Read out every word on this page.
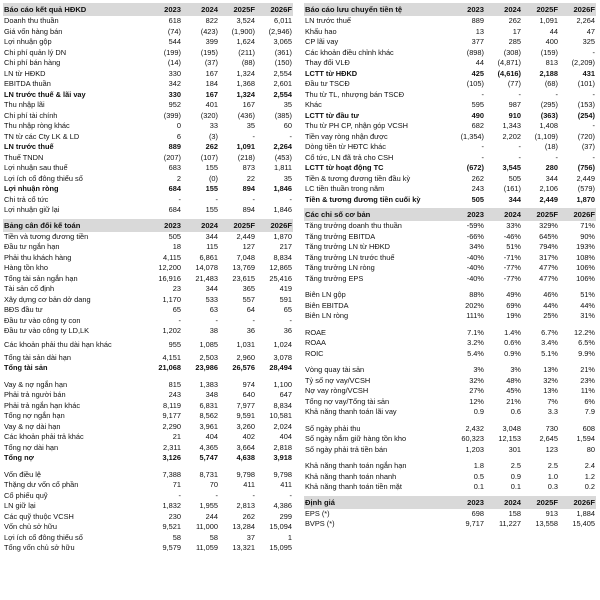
Báo cáo kết quả HĐKD	2023	2024	2025F	2026F
Doanh thu thuần	618	822	3,524	6,011
Giá vốn hàng bán	(74)	(423)	(1,900)	(2,946)
Lợi nhuận gộp	544	399	1,624	3,065
Chi phí quản lý DN	(199)	(195)	(211)	(361)
Chi phí bán hàng	(14)	(37)	(88)	(150)
LN từ HĐKD	330	167	1,324	2,554
EBITDA thuần	342	184	1,368	2,601
LN trước thuế & lãi vay	330	167	1,324	2,554
Thu nhập lãi	952	401	167	35
Chi phí tài chính	(399)	(320)	(436)	(385)
Thu nhập ròng khác	0	33	35	60
TN từ các Cty LK & LD	6	(3)	-	-
LN trước thuế	889	262	1,091	2,264
Thuế TNDN	(207)	(107)	(218)	(453)
Lợi nhuận sau thuế	683	155	873	1,811
Lợi ích cổ đông thiểu số	2	(0)	22	35
Lợi nhuận ròng	684	155	894	1,846
Chi trả cổ tức	-	-	-	-
Lợi nhuận giữ lại	684	155	894	1,846
Bảng cân đối kế toán	2023	2024	2025F	2026F
Tiền và tương đương tiền	505	344	2,449	1,870
Đầu tư ngắn hạn	18	115	127	217
Phải thu khách hàng	4,115	6,861	7,048	8,834
Hàng tồn kho	12,200	14,078	13,769	12,865
Tổng tài sản ngắn hạn	16,916	21,483	23,615	25,416
Tài sản cố định	23	344	365	419
Xây dựng cơ bản dở dang	1,170	533	557	591
BĐS đầu tư	65	63	64	65
Đầu tư vào công ty con	-	-	-	-
Đầu tư vào công ty LD,LK	1,202	38	36	36
Các khoản phải thu dài hạn khác	955	1,085	1,031	1,024
Tổng tài sản dài hạn	4,151	2,503	2,960	3,078
Tổng tài sản	21,068	23,986	26,576	28,494
Vay & nợ ngắn hạn	815	1,383	974	1,100
Phải trả người bán	243	348	640	647
Phải trả ngắn hạn khác	8,119	6,831	7,977	8,834
Tổng nợ ngắn hạn	9,177	8,562	9,591	10,581
Vay & nợ dài hạn	2,290	3,961	3,260	2,024
Các khoản phải trả khác	21	404	402	404
Tổng nợ dài hạn	2,311	4,365	3,664	2,818
Tổng nợ	3,126	5,747	4,638	3,918
Vốn điều lệ	7,388	8,731	9,798	9,798
Thặng dư vốn cổ phần	71	70	411	411
Cổ phiếu quỹ	-	-	-	-
LN giữ lại	1,832	1,955	2,813	4,386
Các quỹ thuộc VCSH	230	244	262	299
Vốn chủ sở hữu	9,521	11,000	13,284	15,094
Lợi ích cổ đông thiểu số	58	58	37	1
Tổng vốn chủ sở hữu	9,579	11,059	13,321	15,095
Báo cáo lưu chuyển tiền tệ	2023	2024	2025F	2026F
LN trước thuế	889	262	1,091	2,264
Khấu hao	13	17	44	47
CP lãi vay	377	285	400	325
Các khoản điều chỉnh khác	(898)	(308)	(159)	-
Thay đổi VLĐ	44	(4,871)	813	(2,209)
LCTT từ HĐKD	425	(4,616)	2,188	431
Đầu tư TSCĐ	(105)	(77)	(68)	(101)
Thu từ TL, nhượng bán TSCĐ	-	-	-	-
Khác	595	987	(295)	(153)
LCTT từ đầu tư	490	910	(363)	(254)
Thu từ PH CP, nhận góp VCSH	682	1,343	1,408	-
Tiền vay ròng nhận được	(1,354)	2,202	(1,109)	(720)
Dòng tiền từ HĐTC khác	-	-	(18)	(37)
Cổ tức, LN đã trả cho CSH	-	-	-	-
LCTT từ hoạt động TC	(672)	3,545	280	(756)
Tiền & tương đương tiền đầu kỳ	262	505	344	2,449
LC tiền thuần trong năm	243	(161)	2,106	(579)
Tiền & tương đương tiền cuối kỳ	505	344	2,449	1,870
Các chỉ số cơ bản	2023	2024	2025F	2026F
Tăng trưởng doanh thu thuần	-59%	33%	329%	71%
Tăng trưởng EBITDA	-66%	-46%	645%	90%
Tăng trưởng LN từ HĐKD	34%	51%	794%	193%
Tăng trưởng LN trước thuế	-40%	-71%	317%	108%
Tăng trưởng LN ròng	-40%	-77%	477%	106%
Tăng trưởng EPS	-40%	-77%	477%	106%
Biên LN gộp	88%	49%	46%	51%
Biên EBITDA	202%	69%	44%	44%
Biên LN ròng	111%	19%	25%	31%
ROAE	7.1%	1.4%	6.7%	12.2%
ROAA	3.2%	0.6%	3.4%	6.5%
ROIC	5.4%	0.9%	5.1%	9.9%
Vòng quay tài sản	3%	3%	13%	21%
Tỷ số nợ vay/VCSH	32%	48%	32%	23%
Nợ vay ròng/VCSH	27%	45%	13%	11%
Tổng nợ vay/Tổng tài sản	12%	21%	7%	6%
Khả năng thanh toán lãi vay	0.9	0.6	3.3	7.9
Số ngày phải thu	2,432	3,048	730	608
Số ngày nắm giữ hàng tồn kho	60,323	12,153	2,645	1,594
Số ngày phải trả tiền bán	1,203	301	123	80
Khả năng thanh toán ngắn hạn	1.8	2.5	2.5	2.4
Khả năng thanh toán nhanh	0.5	0.9	1.0	1.2
Khả năng thanh toán tiền mặt	0.1	0.1	0.3	0.2
Định giá	2023	2024	2025F	2026F
EPS (*)	698	158	913	1,884
BVPS (*)	9,717	11,227	13,558	15,405
